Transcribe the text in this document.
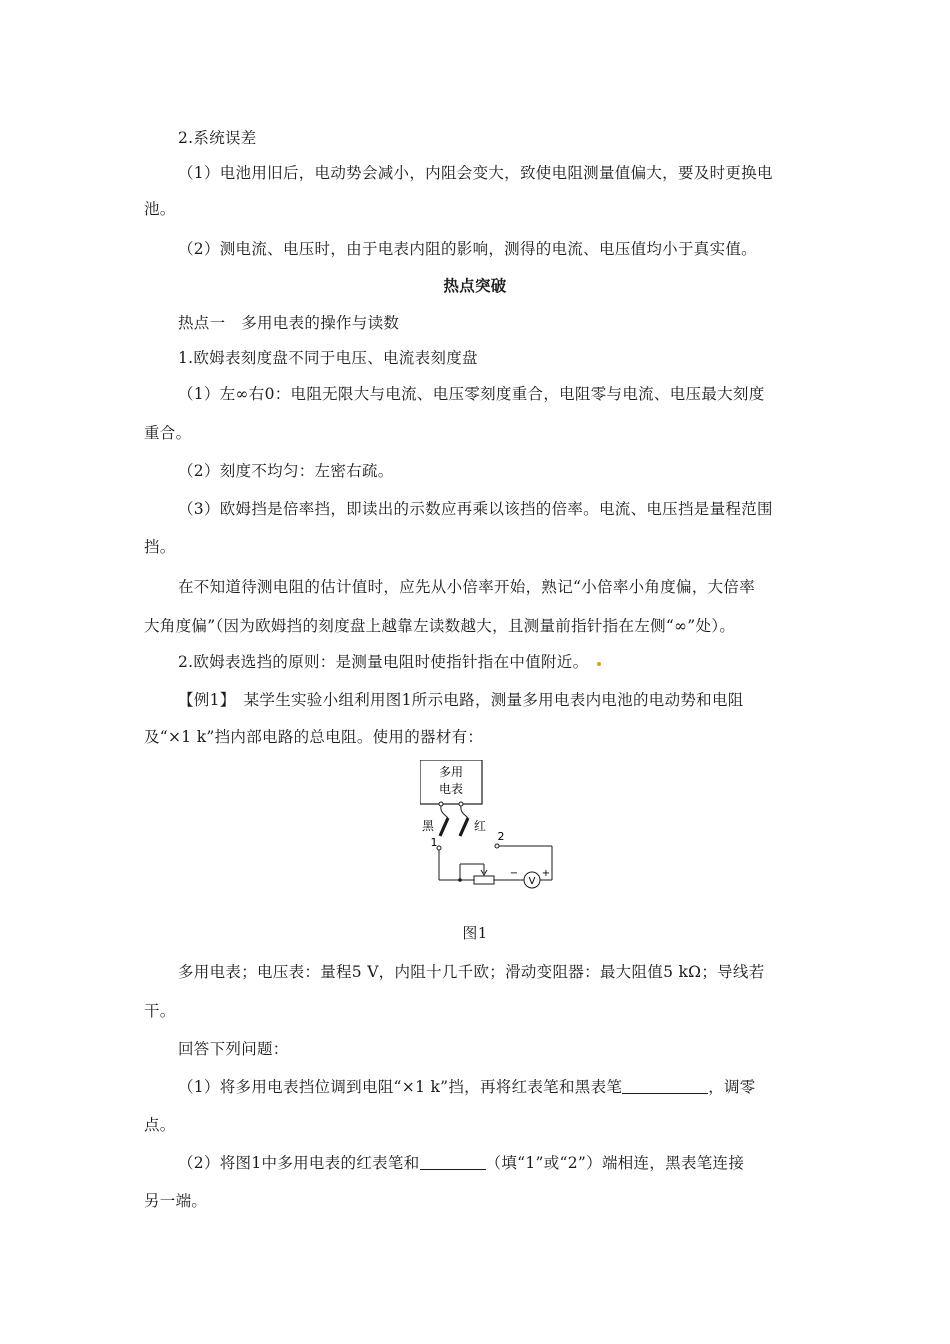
2.系统误差
（1）电池用旧后，电动势会减小，内阻会变大，致使电阻测量值偏大，要及时更换电
池。
（2）测电流、电压时，由于电表内阻的影响，测得的电流、电压值均小于真实值。
热点突破
热点一　多用电表的操作与读数
1.欧姆表刻度盘不同于电压、电流表刻度盘
（1）左∞右0：电阻无限大与电流、电压零刻度重合，电阻零与电流、电压最大刻度
重合。
（2）刻度不均匀：左密右疏。
（3）欧姆挡是倍率挡，即读出的示数应再乘以该挡的倍率。电流、电压挡是量程范围
挡。
在不知道待测电阻的估计值时，应先从小倍率开始，熟记“小倍率小角度偏，大倍率
大角度偏”（因为欧姆挡的刻度盘上越靠左读数越大，且测量前指针指在左侧“∞”处）。
2.欧姆表选挡的原则：是测量电阻时使指针指在中值附近。
【例1】　某学生实验小组利用图1所示电路，测量多用电表内电池的电动势和电阻
及“×1 k”挡内部电路的总电阻。使用的器材有：
多用
电表
黑	红
1	2
V
− +
图1
多用电表；电压表：量程5 V，内阻十几千欧；滑动变阻器：最大阻值5 kΩ；导线若
干。
回答下列问题：
（1）将多用电表挡位调到电阻“×1 k”挡，再将红表笔和黑表笔	，调零
点。
（2）将图1中多用电表的红表笔和	（填“1”或“2”）端相连，黑表笔连接
另一端。
